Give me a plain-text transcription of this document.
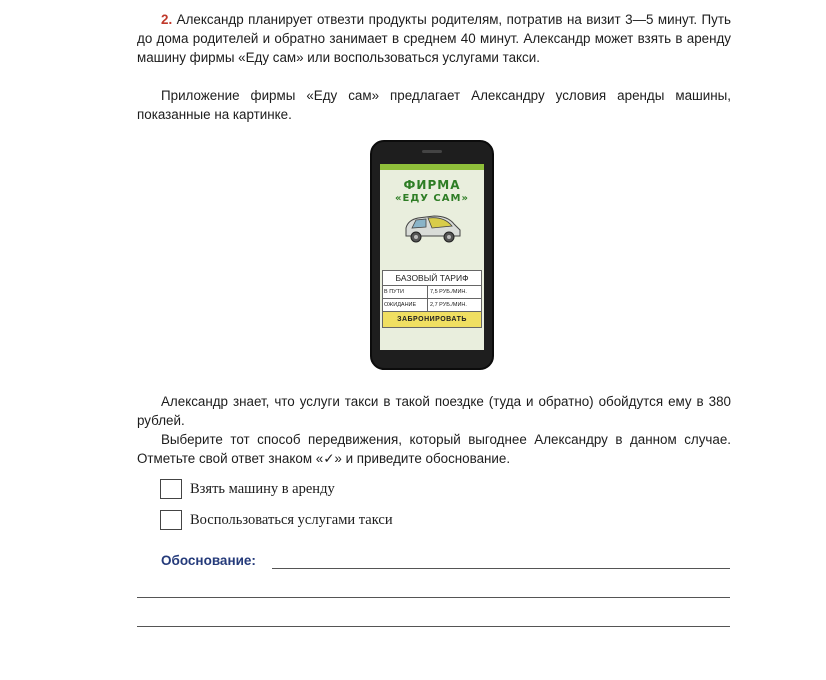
2. Александр планирует отвезти продукты родителям, потратив на визит 3—5 минут. Путь до дома родителей и обратно занимает в среднем 40 минут. Александр может взять в аренду машину фирмы «Еду сам» или воспользоваться услугами такси.

Приложение фирмы «Еду сам» предлагает Александру условия аренды машины, показанные на картинке.

ФИРМА
«ЕДУ САМ»
БАЗОВЫЙ ТАРИФ
В ПУТИ	7,5 РУБ./МИН.
ОЖИДАНИЕ	2,7 РУБ./МИН.
ЗАБРОНИРОВАТЬ

Александр знает, что услуги такси в такой поездке (туда и обратно) обойдутся ему в 380 рублей.

Выберите тот способ передвижения, который выгоднее Александру в данном случае. Отметьте свой ответ знаком «✓» и приведите обоснование.

Взять машину в аренду
Воспользоваться услугами такси
Обоснование:
